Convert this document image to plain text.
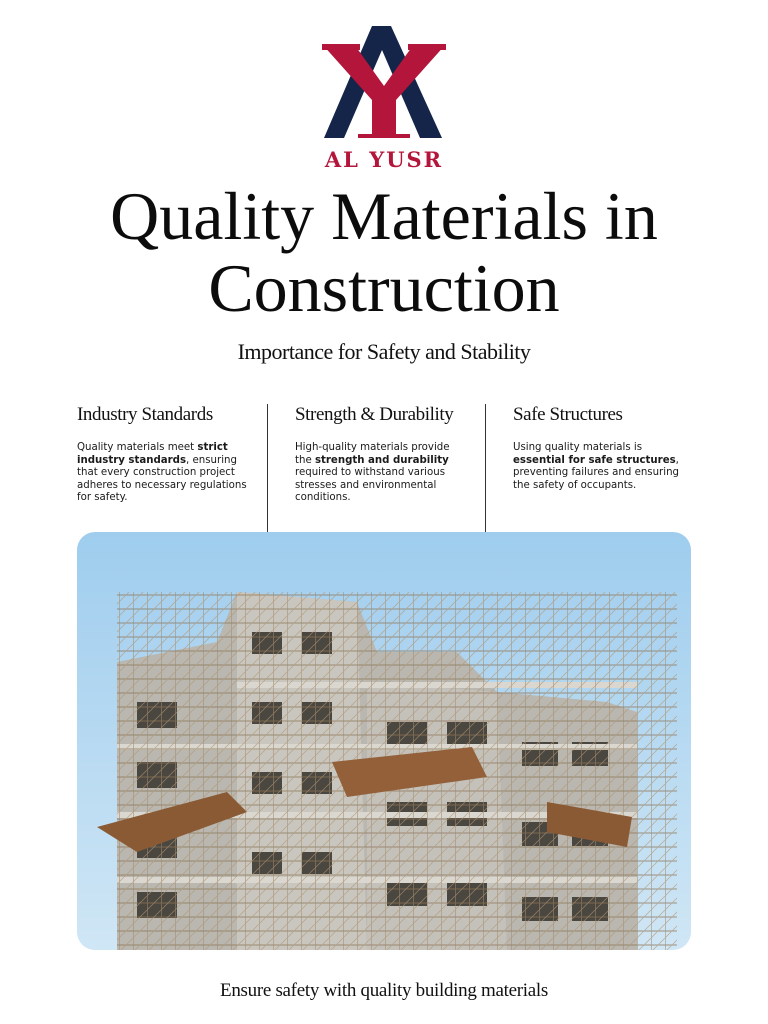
AL YUSR
Quality Materials in Construction
Importance for Safety and Stability
Industry Standards

Quality materials meet strict industry standards, ensuring that every construction project adheres to necessary regulations for safety.

Strength & Durability

High-quality materials provide the strength and durability required to withstand various stresses and environmental conditions.

Safe Structures

Using quality materials is essential for safe structures, preventing failures and ensuring the safety of occupants.

Ensure safety with quality building materials
